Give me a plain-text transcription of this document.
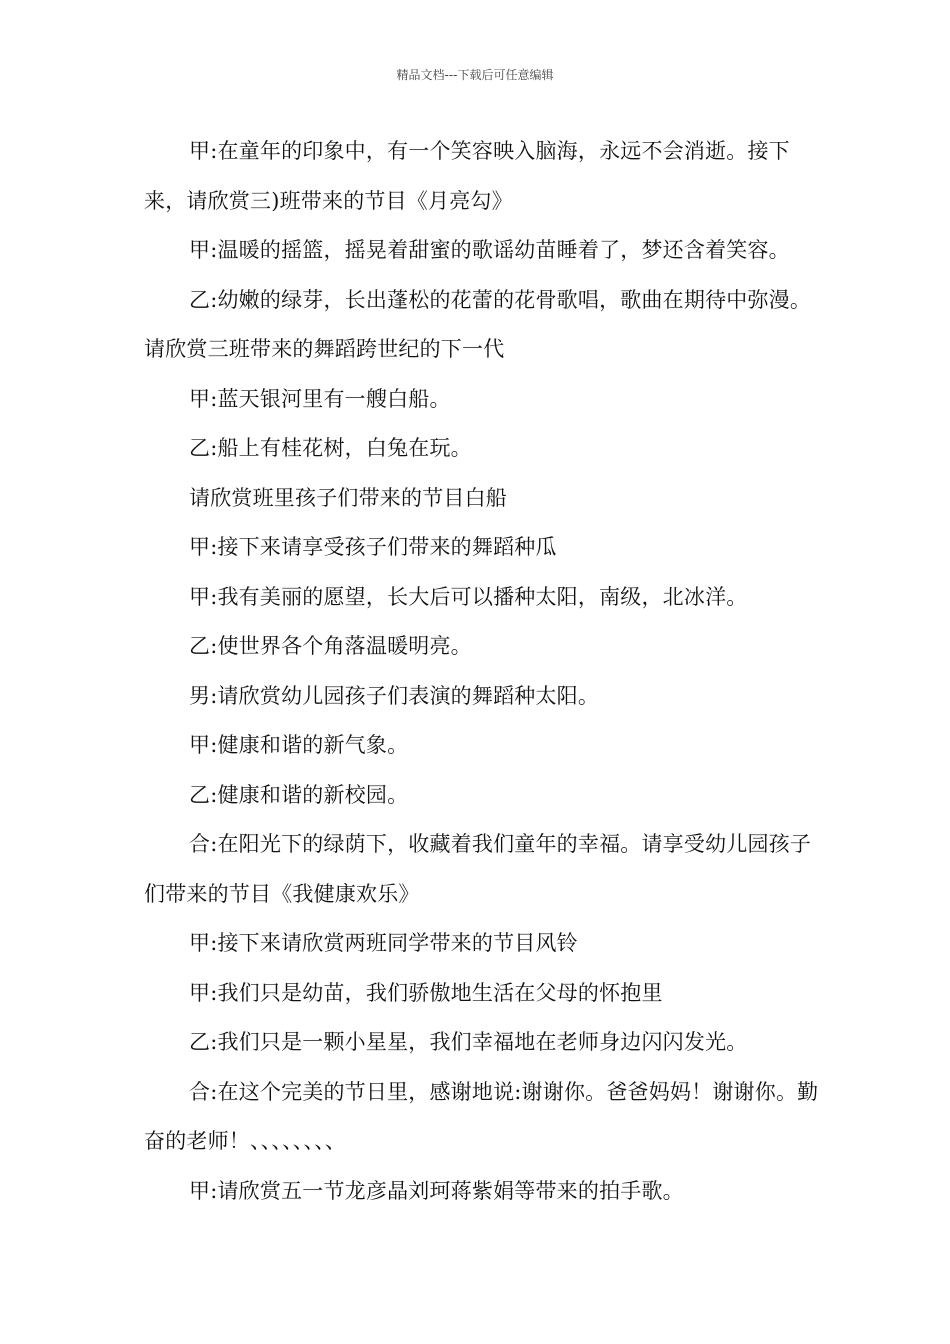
精品文档---下载后可任意编辑

甲:在童年的印象中，有一个笑容映入脑海，永远不会消逝。接下来，请欣赏三)班带来的节目《月亮勾》

甲:温暖的摇篮，摇晃着甜蜜的歌谣幼苗睡着了，梦还含着笑容。

乙:幼嫩的绿芽，长出蓬松的花蕾的花骨歌唱，歌曲在期待中弥漫。请欣赏三班带来的舞蹈跨世纪的下一代

甲:蓝天银河里有一艘白船。

乙:船上有桂花树，白兔在玩。

请欣赏班里孩子们带来的节目白船

甲:接下来请享受孩子们带来的舞蹈种瓜

甲:我有美丽的愿望，长大后可以播种太阳，南级，北冰洋。

乙:使世界各个角落温暖明亮。

男:请欣赏幼儿园孩子们表演的舞蹈种太阳。

甲:健康和谐的新气象。

乙:健康和谐的新校园。

合:在阳光下的绿荫下，收藏着我们童年的幸福。请享受幼儿园孩子们带来的节目《我健康欢乐》

甲:接下来请欣赏两班同学带来的节目风铃

甲:我们只是幼苗，我们骄傲地生活在父母的怀抱里

乙:我们只是一颗小星星，我们幸福地在老师身边闪闪发光。

合:在这个完美的节日里，感谢地说:谢谢你。爸爸妈妈！谢谢你。勤奋的老师！、、、、、、、、

甲:请欣赏五一节龙彦晶刘珂蒋紫娟等带来的拍手歌。
